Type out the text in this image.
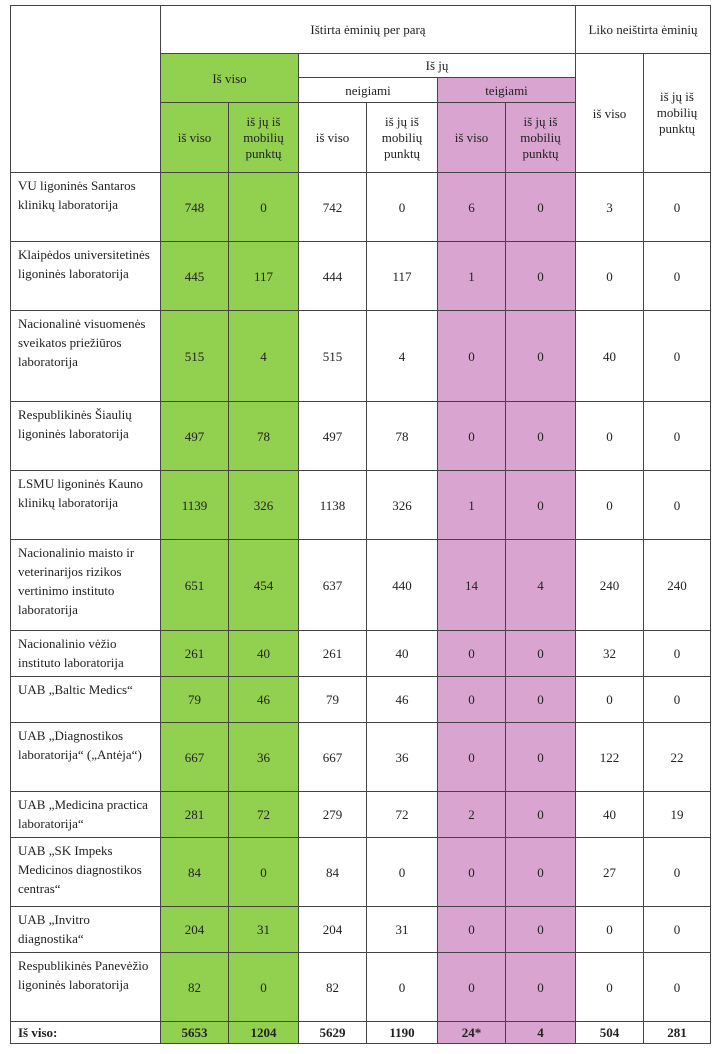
	Ištirta ėminių per parą						Liko neištirta ėminių	
	Iš viso		Iš jų				iš viso	iš jų iš mobilių punktų
			neigiami		teigiami			
	iš viso	iš jų iš mobilių punktų	iš viso	iš jų iš mobilių punktų	iš viso	iš jų iš mobilių punktų		
VU ligoninės Santaros klinikų laboratorija	748	0	742	0	6	0	3	0
Klaipėdos universitetinės ligoninės laboratorija	445	117	444	117	1	0	0	0
Nacionalinė visuomenės sveikatos priežiūros laboratorija	515	4	515	4	0	0	40	0
Respublikinės Šiaulių ligoninės laboratorija	497	78	497	78	0	0	0	0
LSMU ligoninės Kauno klinikų laboratorija	1139	326	1138	326	1	0	0	0
Nacionalinio maisto ir veterinarijos rizikos vertinimo instituto laboratorija	651	454	637	440	14	4	240	240
Nacionalinio vėžio instituto laboratorija	261	40	261	40	0	0	32	0
UAB „Baltic Medics“	79	46	79	46	0	0	0	0
UAB „Diagnostikos laboratorija“ („Antėja“)	667	36	667	36	0	0	122	22
UAB „Medicina practica laboratorija“	281	72	279	72	2	0	40	19
UAB „SK Impeks Medicinos diagnostikos centras“	84	0	84	0	0	0	27	0
UAB „Invitro diagnostika“	204	31	204	31	0	0	0	0
Respublikinės Panevėžio ligoninės laboratorija	82	0	82	0	0	0	0	0
Iš viso:	5653	1204	5629	1190	24*	4	504	281
